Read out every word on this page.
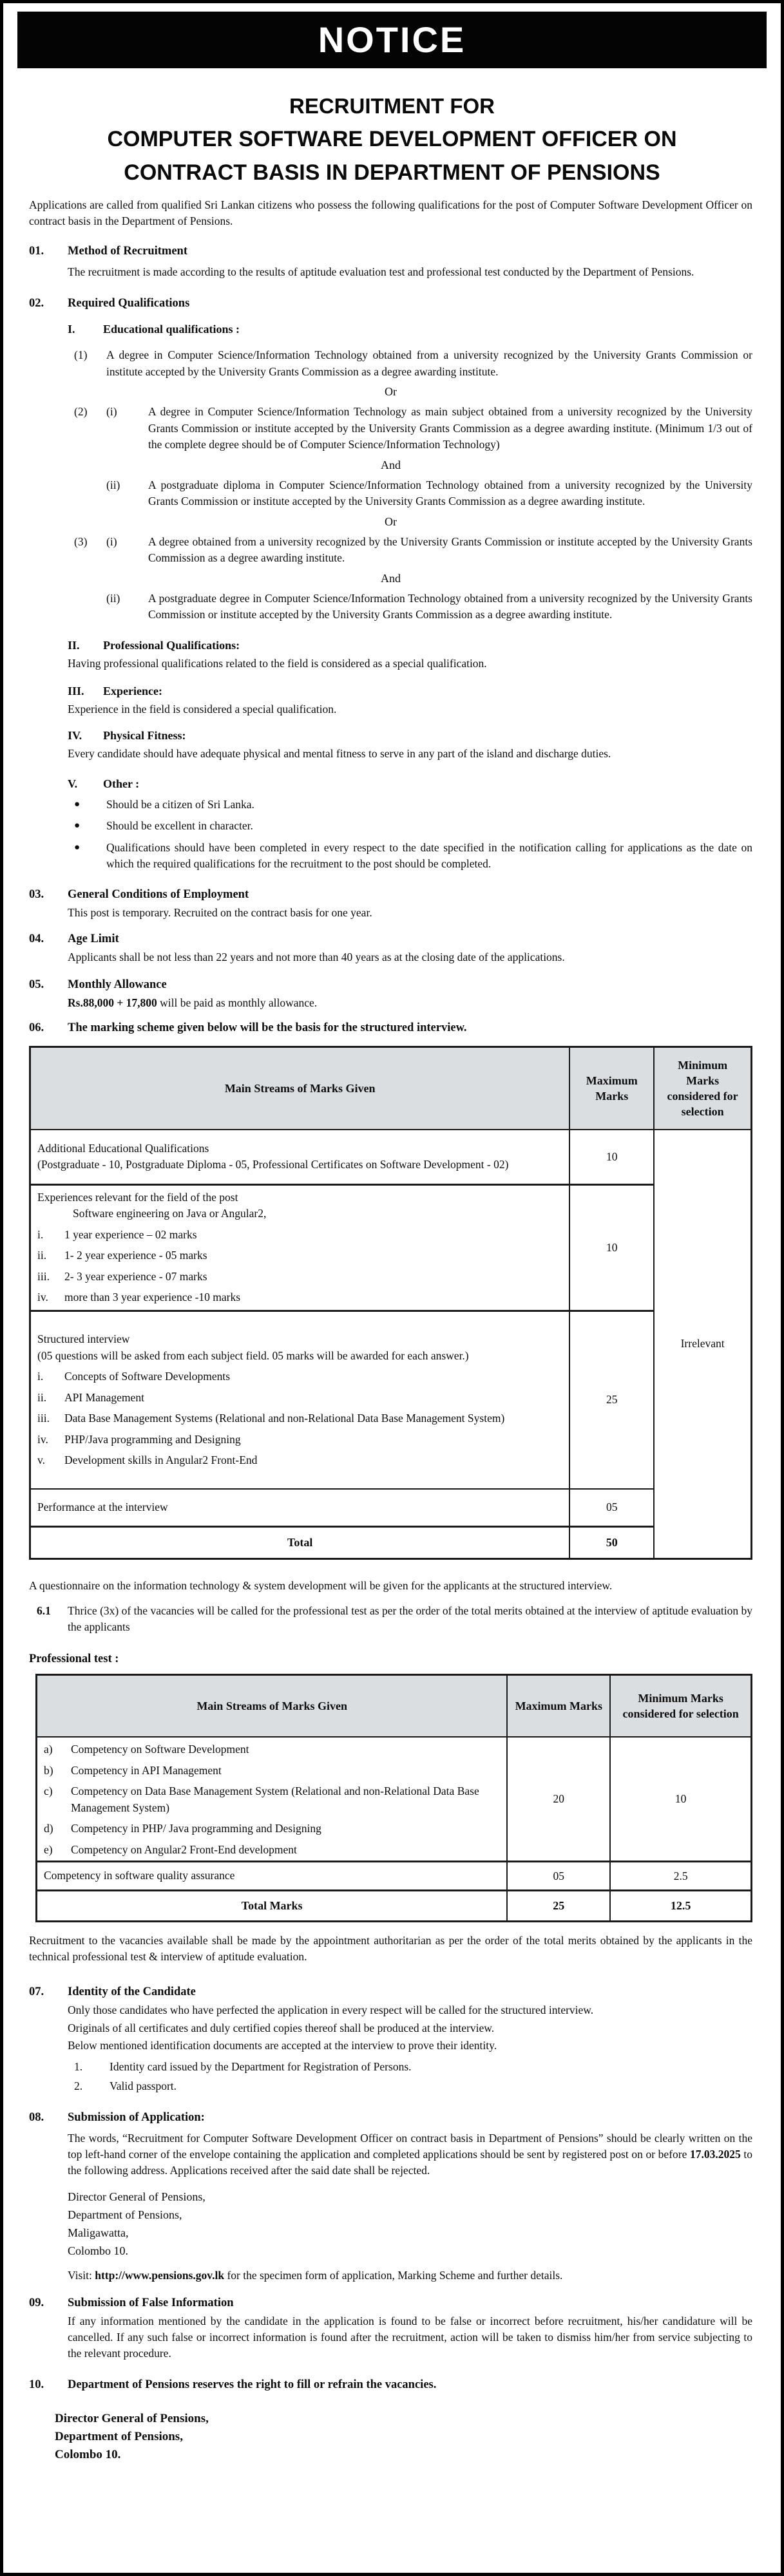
NOTICE
RECRUITMENT FOR
COMPUTER SOFTWARE DEVELOPMENT OFFICER ON
CONTRACT BASIS IN DEPARTMENT OF PENSIONS
Applications are called from qualified Sri Lankan citizens who possess the following qualifications for the post of Computer Software Development Officer on contract basis in the Department of Pensions.
01.	Method of Recruitment
The recruitment is made according to the results of aptitude evaluation test and professional test conducted by the Department of Pensions.
02.	Required Qualifications
I.	Educational qualifications :
(1)	A degree in Computer Science/Information Technology obtained from a university recognized by the University Grants Commission or institute accepted by the University Grants Commission as a degree awarding institute.
Or
(2)	(i)	A degree in Computer Science/Information Technology as main subject obtained from a university recognized by the University Grants Commission or institute accepted by the University Grants Commission as a degree awarding institute. (Minimum 1/3 out of the complete degree should be of Computer Science/Information Technology)
And
(ii)	A postgraduate diploma in Computer Science/Information Technology obtained from a university recognized by the University Grants Commission or institute accepted by the University Grants Commission as a degree awarding institute.
Or
(3)	(i)	A degree obtained from a university recognized by the University Grants Commission or institute accepted by the University Grants Commission as a degree awarding institute.
And
(ii)	A postgraduate degree in Computer Science/Information Technology obtained from a university recognized by the University Grants Commission or institute accepted by the University Grants Commission as a degree awarding institute.
II.	Professional Qualifications:
Having professional qualifications related to the field is considered as a special qualification.
III.	Experience:
Experience in the field is considered a special qualification.
IV.	Physical Fitness:
Every candidate should have adequate physical and mental fitness to serve in any part of the island and discharge duties.
V.	Other :
●	Should be a citizen of Sri Lanka.
●	Should be excellent in character.
●	Qualifications should have been completed in every respect to the date specified in the notification calling for applications as the date on which the required qualifications for the recruitment to the post should be completed.
03.	General Conditions of Employment
This post is temporary. Recruited on the contract basis for one year.
04.	Age Limit
Applicants shall be not less than 22 years and not more than 40 years as at the closing date of the applications.
05.	Monthly Allowance
Rs.88,000 + 17,800 will be paid as monthly allowance.
06.	The marking scheme given below will be the basis for the structured interview.
Main Streams of Marks Given	Maximum Marks	Minimum Marks considered for selection

Additional Educational Qualifications
(Postgraduate - 10, Postgraduate Diploma - 05, Professional Certificates on Software Development - 02)	10	Irrelevant

Experiences relevant for the field of the post
Software engineering on Java or Angular2,
i.	1 year experience – 02 marks
ii.	1- 2 year experience - 05 marks
iii.	2- 3 year experience - 07 marks
iv.	more than 3 year experience -10 marks
	10

Structured interview
(05 questions will be asked from each subject field. 05 marks will be awarded for each answer.)
i.	Concepts of Software Developments
ii.	API Management
iii.	Data Base Management Systems (Relational and non-Relational Data Base Management System)
iv.	PHP/Java programming and Designing
v.	Development skills in Angular2 Front-End
	25
Performance at the interview	05	
Total	50	
A questionnaire on the information technology & system development will be given for the applicants at the structured interview.
6.1	Thrice (3x) of the vacancies will be called for the professional test as per the order of the total merits obtained at the interview of aptitude evaluation by the applicants
Professional test :
Main Streams of Marks Given	Maximum Marks	Minimum Marks considered for selection

a)	Competency on Software Development
b)	Competency in API Management
c)	Competency on Data Base Management System (Relational and non-Relational Data Base Management System)
d)	Competency in PHP/ Java programming and Designing
e)	Competency on Angular2 Front-End development
	20	10
Competency in software quality assurance	05	2.5
Total Marks	25	12.5
Recruitment to the vacancies available shall be made by the appointment authoritarian as per the order of the total merits obtained by the applicants in the technical professional test & interview of aptitude evaluation.
07.	Identity of the Candidate
Only those candidates who have perfected the application in every respect will be called for the structured interview.
Originals of all certificates and duly certified copies thereof shall be produced at the interview.
Below mentioned identification documents are accepted at the interview to prove their identity.
1.	Identity card issued by the Department for Registration of Persons.
2.	Valid passport.
08.	Submission of Application:
The words, “Recruitment for Computer Software Development Officer on contract basis in Department of Pensions” should be clearly written on the top left-hand corner of the envelope containing the application and completed applications should be sent by registered post on or before 17.03.2025 to the following address. Applications received after the said date shall be rejected.
Director General of Pensions,
Department of Pensions,
Maligawatta,
Colombo 10.
Visit: http://www.pensions.gov.lk for the specimen form of application, Marking Scheme and further details.
09.	Submission of False Information
If any information mentioned by the candidate in the application is found to be false or incorrect before recruitment, his/her candidature will be cancelled. If any such false or incorrect information is found after the recruitment, action will be taken to dismiss him/her from service subjecting to the relevant procedure.
10.	Department of Pensions reserves the right to fill or refrain the vacancies.
Director General of Pensions,
Department of Pensions,
Colombo 10.
